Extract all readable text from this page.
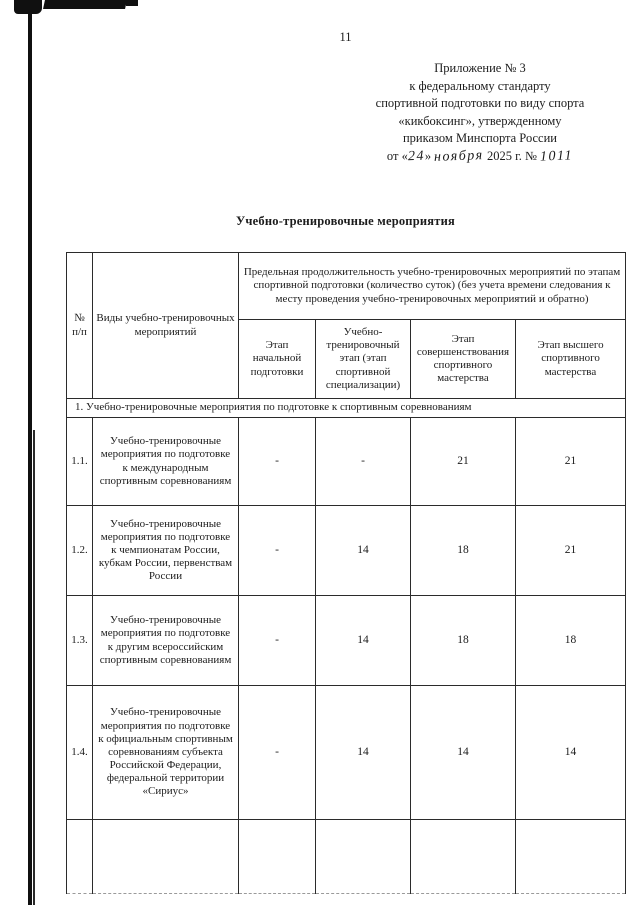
11
Приложение № 3
к федеральному стандарту
спортивной подготовки по виду спорта
«кикбоксинг», утвержденному
приказом Минспорта России
от «24» ноября 2025 г. № 1011
Учебно-тренировочные мероприятия
№ п/п	Виды учебно-тренировочных мероприятий	Предельная продолжительность учебно-тренировочных мероприятий по этапам спортивной подготовки (количество суток) (без учета времени следования к месту проведения учебно-тренировочных мероприятий и обратно)			
		Этап начальной подготовки	Учебно-тренировочный этап (этап спортивной специализации)	Этап совершенствования спортивного мастерства	Этап высшего спортивного мастерства
1. Учебно-тренировочные мероприятия по подготовке к спортивным соревнованиям					
1.1.	Учебно-тренировочные мероприятия по подготовке к международным спортивным соревнованиям	-	-	21	21
1.2.	Учебно-тренировочные мероприятия по подготовке к чемпионатам России, кубкам России, первенствам России	-	14	18	21
1.3.	Учебно-тренировочные мероприятия по подготовке к другим всероссийским спортивным соревнованиям	-	14	18	18
1.4.	Учебно-тренировочные мероприятия по подготовке к официальным спортивным соревнованиям субъекта Российской Федерации, федеральной территории «Сириус»	-	14	14	14
